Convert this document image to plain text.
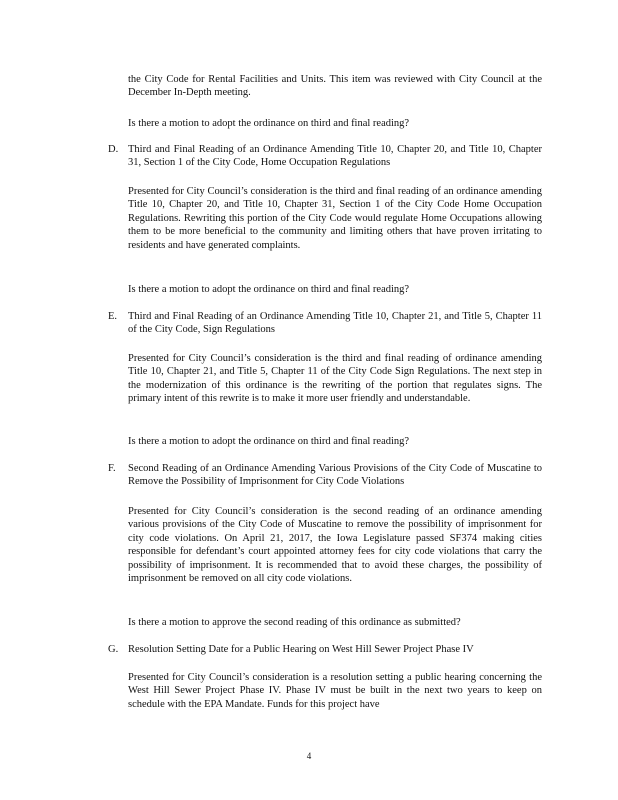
the City Code for Rental Facilities and Units. This item was reviewed with City Council at the December In-Depth meeting.

Is there a motion to adopt the ordinance on third and final reading?

D. Third and Final Reading of an Ordinance Amending Title 10, Chapter 20, and Title 10, Chapter 31, Section 1 of the City Code, Home Occupation Regulations

Presented for City Council’s consideration is the third and final reading of an ordinance amending Title 10, Chapter 20, and Title 10, Chapter 31, Section 1 of the City Code Home Occupation Regulations. Rewriting this portion of the City Code would regulate Home Occupations allowing them to be more beneficial to the community and limiting others that have proven irritating to residents and have generated complaints.

Is there a motion to adopt the ordinance on third and final reading?

E. Third and Final Reading of an Ordinance Amending Title 10, Chapter 21, and Title 5, Chapter 11 of the City Code, Sign Regulations

Presented for City Council’s consideration is the third and final reading of ordinance amending Title 10, Chapter 21, and Title 5, Chapter 11 of the City Code Sign Regulations. The next step in the modernization of this ordinance is the rewriting of the portion that regulates signs. The primary intent of this rewrite is to make it more user friendly and understandable.

Is there a motion to adopt the ordinance on third and final reading?

F. Second Reading of an Ordinance Amending Various Provisions of the City Code of Muscatine to Remove the Possibility of Imprisonment for City Code Violations

Presented for City Council’s consideration is the second reading of an ordinance amending various provisions of the City Code of Muscatine to remove the possibility of imprisonment for city code violations. On April 21, 2017, the Iowa Legislature passed SF374 making cities responsible for defendant’s court appointed attorney fees for city code violations that carry the possibility of imprisonment. It is recommended that to avoid these charges, the possibility of imprisonment be removed on all city code violations.

Is there a motion to approve the second reading of this ordinance as submitted?

G. Resolution Setting Date for a Public Hearing on West Hill Sewer Project Phase IV

Presented for City Council’s consideration is a resolution setting a public hearing concerning the West Hill Sewer Project Phase IV. Phase IV must be built in the next two years to keep on schedule with the EPA Mandate. Funds for this project have

4
